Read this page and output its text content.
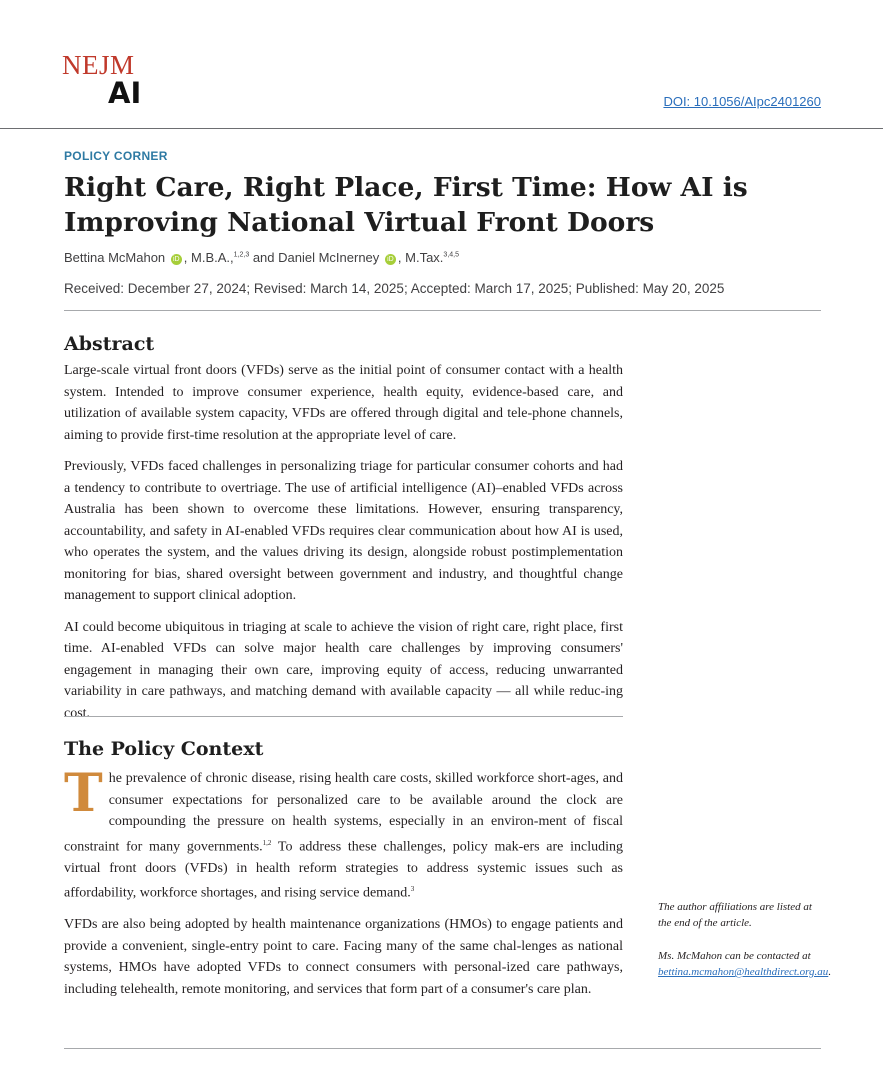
NEJM
AI	DOI: 10.1056/AIpc2401260
POLICY CORNER
Right Care, Right Place, First Time: How AI is Improving National Virtual Front Doors
Bettina McMahon iD , M.B.A.,$^{1,2,3}$ and Daniel McInerney iD , M.Tax.$^{3,4,5}$
Received: December 27, 2024; Revised: March 14, 2025; Accepted: March 17, 2025; Published: May 20, 2025
Abstract

Large-scale virtual front doors (VFDs) serve as the initial point of consumer contact with a health system. Intended to improve consumer experience, health equity, evidence-based care, and utilization of available system capacity, VFDs are offered through digital and tele-phone channels, aiming to provide first-time resolution at the appropriate level of care.

Previously, VFDs faced challenges in personalizing triage for particular consumer cohorts and had a tendency to contribute to overtriage. The use of artificial intelligence (AI)–enabled VFDs across Australia has been shown to overcome these limitations. However, ensuring transparency, accountability, and safety in AI-enabled VFDs requires clear communication about how AI is used, who operates the system, and the values driving its design, alongside robust postimplementation monitoring for bias, shared oversight between government and industry, and thoughtful change management to support clinical adoption.

AI could become ubiquitous in triaging at scale to achieve the vision of right care, right place, first time. AI-enabled VFDs can solve major health care challenges by improving consumers' engagement in managing their own care, improving equity of access, reducing unwarranted variability in care pathways, and matching demand with available capacity — all while reduc-ing cost.

The Policy Context

The prevalence of chronic disease, rising health care costs, skilled workforce short-ages, and consumer expectations for personalized care to be available around the clock are compounding the pressure on health systems, especially in an environ-ment of fiscal constraint for many governments.$^{1,2}$ To address these challenges, policy mak-ers are including virtual front doors (VFDs) in health reform strategies to address systemic issues such as affordability, workforce shortages, and rising service demand.$^3$

VFDs are also being adopted by health maintenance organizations (HMOs) to engage patients and provide a convenient, single-entry point to care. Facing many of the same chal-lenges as national systems, HMOs have adopted VFDs to connect consumers with personal-ized care pathways, including telehealth, remote monitoring, and services that form part of a consumer's care plan.

The author affiliations are listed at the end of the article.
Ms. McMahon can be contacted at bettina.mcmahon@healthdirect.org.au.
